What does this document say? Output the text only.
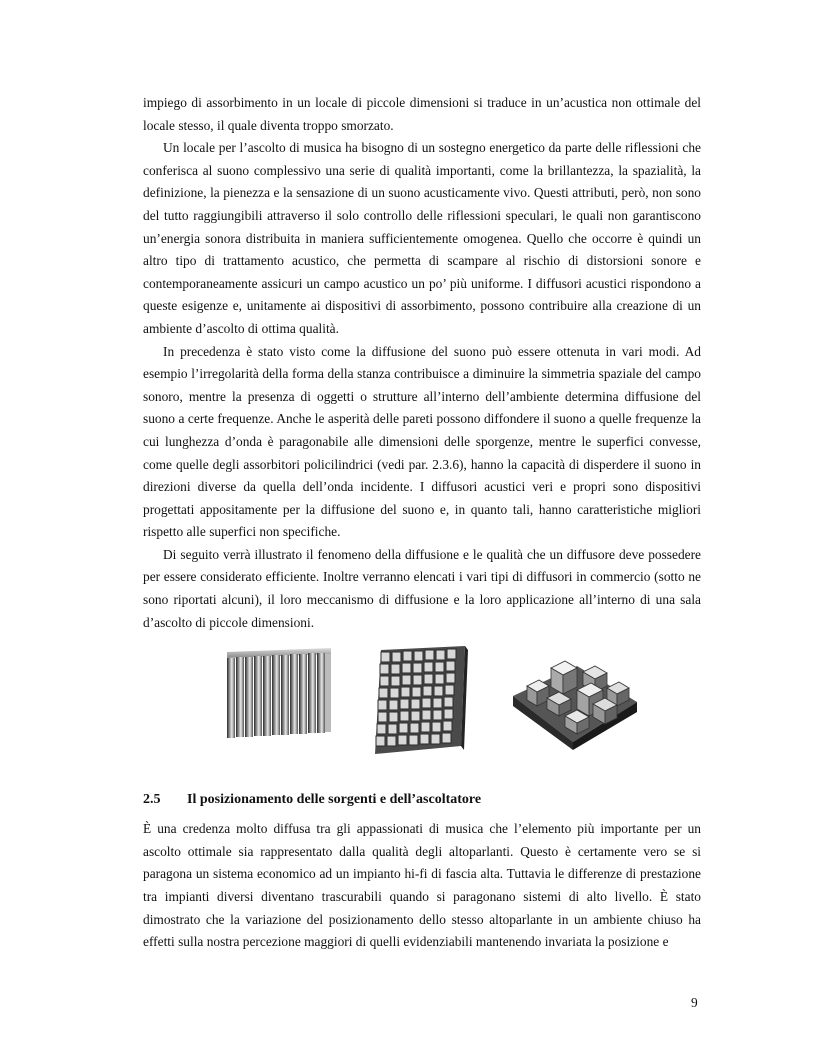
impiego di assorbimento in un locale di piccole dimensioni si traduce in un’acustica non ottimale del locale stesso, il quale diventa troppo smorzato.

Un locale per l’ascolto di musica ha bisogno di un sostegno energetico da parte delle riflessioni che conferisca al suono complessivo una serie di qualità importanti, come la brillantezza, la spazialità, la definizione, la pienezza e la sensazione di un suono acusticamente vivo. Questi attributi, però, non sono del tutto raggiungibili attraverso il solo controllo delle riflessioni speculari, le quali non garantiscono un’energia sonora distribuita in maniera sufficientemente omogenea. Quello che occorre è quindi un altro tipo di trattamento acustico, che permetta di scampare al rischio di distorsioni sonore e contemporaneamente assicuri un campo acustico un po’ più uniforme. I diffusori acustici rispondono a queste esigenze e, unitamente ai dispositivi di assorbimento, possono contribuire alla creazione di un ambiente d’ascolto di ottima qualità.

In precedenza è stato visto come la diffusione del suono può essere ottenuta in vari modi. Ad esempio l’irregolarità della forma della stanza contribuisce a diminuire la simmetria spaziale del campo sonoro, mentre la presenza di oggetti o strutture all’interno dell’ambiente determina diffusione del suono a certe frequenze. Anche le asperità delle pareti possono diffondere il suono a quelle frequenze la cui lunghezza d’onda è paragonabile alle dimensioni delle sporgenze, mentre le superfici convesse, come quelle degli assorbitori policilindrici (vedi par. 2.3.6), hanno la capacità di disperdere il suono in direzioni diverse da quella dell’onda incidente. I diffusori acustici veri e propri sono dispositivi progettati appositamente per la diffusione del suono e, in quanto tali, hanno caratteristiche migliori rispetto alle superfici non specifiche.

Di seguito verrà illustrato il fenomeno della diffusione e le qualità che un diffusore deve possedere per essere considerato efficiente. Inoltre verranno elencati i vari tipi di diffusori in commercio (sotto ne sono riportati alcuni), il loro meccanismo di diffusione e la loro applicazione all’interno di una sala d’ascolto di piccole dimensioni.

2.5	Il posizionamento delle sorgenti e dell’ascoltatore

È una credenza molto diffusa tra gli appassionati di musica che l’elemento più importante per un ascolto ottimale sia rappresentato dalla qualità degli altoparlanti. Questo è certamente vero se si paragona un sistema economico ad un impianto hi-fi di fascia alta. Tuttavia le differenze di prestazione tra impianti diversi diventano trascurabili quando si paragonano sistemi di alto livello. È stato dimostrato che la variazione del posizionamento dello stesso altoparlante in un ambiente chiuso ha effetti sulla nostra percezione maggiori di quelli evidenziabili mantenendo invariata la posizione e

9
